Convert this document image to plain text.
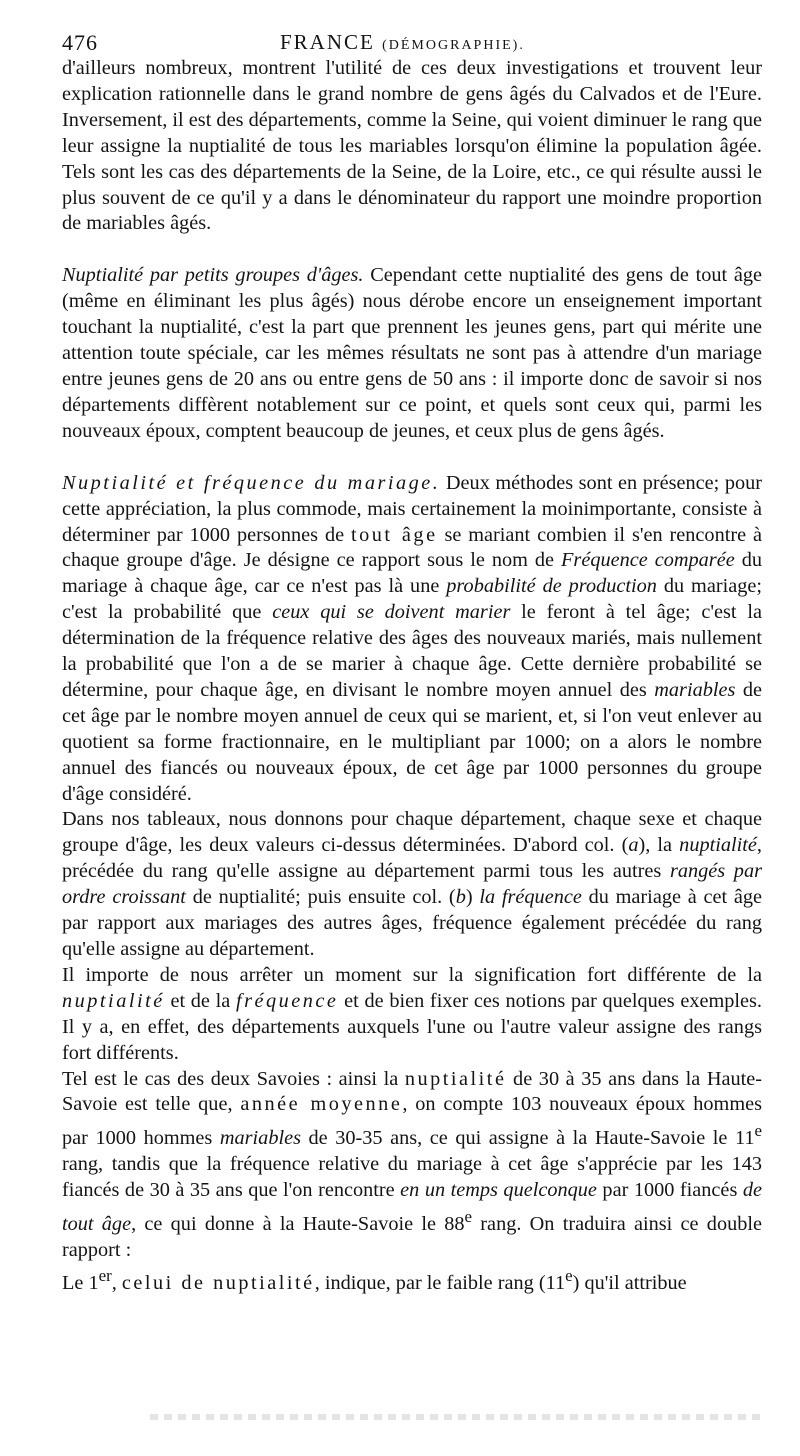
476	FRANCE (DÉMOGRAPHIE).

d'ailleurs nombreux, montrent l'utilité de ces deux investigations et trouvent leur explication rationnelle dans le grand nombre de gens âgés du Calvados et de l'Eure. Inversement, il est des départements, comme la Seine, qui voient diminuer le rang que leur assigne la nuptialité de tous les mariables lorsqu'on élimine la population âgée. Tels sont les cas des départements de la Seine, de la Loire, etc., ce qui résulte aussi le plus souvent de ce qu'il y a dans le dénominateur du rapport une moindre proportion de mariables âgés.

Nuptialité par petits groupes d'âges. Cependant cette nuptialité des gens de tout âge (même en éliminant les plus âgés) nous dérobe encore un enseignement important touchant la nuptialité, c'est la part que prennent les jeunes gens, part qui mérite une attention toute spéciale, car les mêmes résultats ne sont pas à attendre d'un mariage entre jeunes gens de 20 ans ou entre gens de 50 ans : il importe donc de savoir si nos départements diffèrent notablement sur ce point, et quels sont ceux qui, parmi les nouveaux époux, comptent beaucoup de jeunes, et ceux plus de gens âgés.

Nuptialité et fréquence du mariage. Deux méthodes sont en présence; pour cette appréciation, la plus commode, mais certainement la moinimportante, consiste à déterminer par 1000 personnes de tout âge se mariant combien il s'en rencontre à chaque groupe d'âge. Je désigne ce rapport sous le nom de Fréquence comparée du mariage à chaque âge, car ce n'est pas là une probabilité de production du mariage; c'est la probabilité que ceux qui se doivent marier le feront à tel âge; c'est la détermination de la fréquence relative des âges des nouveaux mariés, mais nullement la probabilité que l'on a de se marier à chaque âge. Cette dernière probabilité se détermine, pour chaque âge, en divisant le nombre moyen annuel des mariables de cet âge par le nombre moyen annuel de ceux qui se marient, et, si l'on veut enlever au quotient sa forme fractionnaire, en le multipliant par 1000; on a alors le nombre annuel des fiancés ou nouveaux époux, de cet âge par 1000 personnes du groupe d'âge considéré.

Dans nos tableaux, nous donnons pour chaque département, chaque sexe et chaque groupe d'âge, les deux valeurs ci-dessus déterminées. D'abord col. (a), la nuptialité, précédée du rang qu'elle assigne au département parmi tous les autres rangés par ordre croissant de nuptialité; puis ensuite col. (b) la fréquence du mariage à cet âge par rapport aux mariages des autres âges, fréquence également précédée du rang qu'elle assigne au département.

Il importe de nous arrêter un moment sur la signification fort différente de la nuptialité et de la fréquence et de bien fixer ces notions par quelques exemples. Il y a, en effet, des départements auxquels l'une ou l'autre valeur assigne des rangs fort différents.

Tel est le cas des deux Savoies : ainsi la nuptialité de 30 à 35 ans dans la Haute-Savoie est telle que, année moyenne, on compte 103 nouveaux époux hommes par 1000 hommes mariables de 30-35 ans, ce qui assigne à la Haute-Savoie le 11e rang, tandis que la fréquence relative du mariage à cet âge s'apprécie par les 143 fiancés de 30 à 35 ans que l'on rencontre en un temps quelconque par 1000 fiancés de tout âge, ce qui donne à la Haute-Savoie le 88e rang. On traduira ainsi ce double rapport :

Le 1er, celui de nuptialité, indique, par le faible rang (11e) qu'il attribue
